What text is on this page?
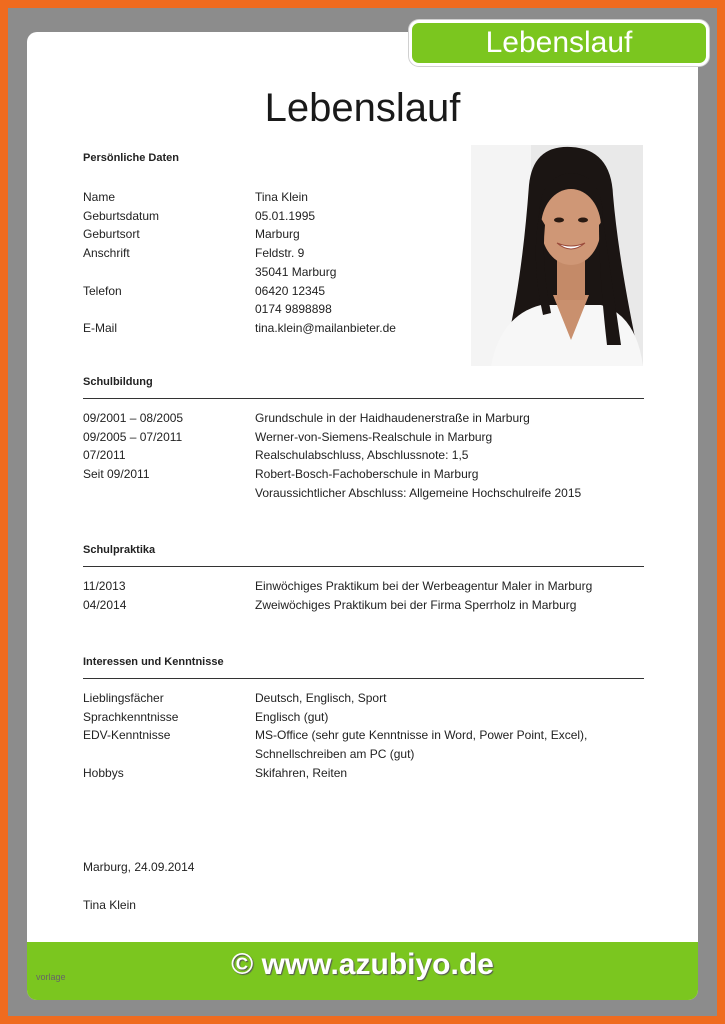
Lebenslauf
Lebenslauf
Persönliche Daten
Name	Tina Klein
Geburtsdatum	05.01.1995
Geburtsort	Marburg
Anschrift	Feldstr. 9
35041 Marburg
Telefon	06420 12345
0174 9898898
E-Mail	tina.klein@mailanbieter.de
Schulbildung
09/2001 – 08/2005	Grundschule in der Haidhaudenerstraße in Marburg
09/2005 – 07/2011	Werner-von-Siemens-Realschule in Marburg
07/2011	Realschulabschluss, Abschlussnote: 1,5
Seit 09/2011	Robert-Bosch-Fachoberschule in Marburg
Voraussichtlicher Abschluss: Allgemeine Hochschulreife 2015
Schulpraktika
11/2013	Einwöchiges Praktikum bei der Werbeagentur Maler in Marburg
04/2014	Zweiwöchiges Praktikum bei der Firma Sperrholz in Marburg
Interessen und Kenntnisse
Lieblingsfächer	Deutsch, Englisch, Sport
Sprachkenntnisse	Englisch (gut)
EDV-Kenntnisse	MS-Office (sehr gute Kenntnisse in Word, Power Point, Excel),
Schnellschreiben am PC (gut)
Hobbys	Skifahren, Reiten
Marburg, 24.09.2014
Tina Klein
© www.azubiyo.de
vorlage
